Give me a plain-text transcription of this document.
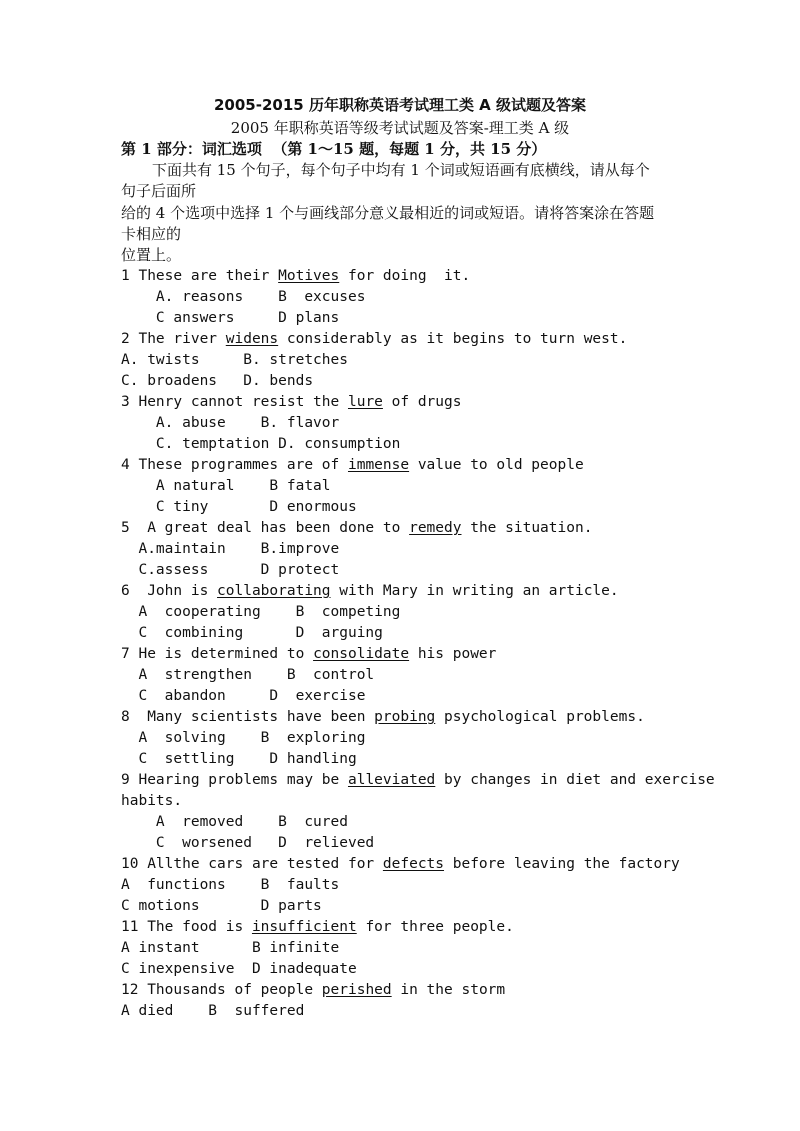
2005-2015 历年职称英语考试理工类 A 级试题及答案
2005 年职称英语等级考试试题及答案-理工类 A 级
第 1 部分：词汇选项  （第 1～15 题，每题 1 分，共 15 分）
下面共有 15 个句子，每个句子中均有 1 个词或短语画有底横线，请从每个
句子后面所
给的 4 个选项中选择 1 个与画线部分意义最相近的词或短语。请将答案涂在答题
卡相应的
位置上。
1 These are their Motives for doing  it.
A. reasons    B  excuses
C answers     D plans
2 The river widens considerably as it begins to turn west.
A. twists     B. stretches
C. broadens   D. bends
3 Henry cannot resist the lure of drugs
A. abuse    B. flavor
C. temptation D. consumption
4 These programmes are of immense value to old people
A natural    B fatal
C tiny       D enormous
5  A great deal has been done to remedy the situation.
A.maintain    B.improve
C.assess      D protect
6  John is collaborating with Mary in writing an article.
A  cooperating    B  competing
C  combining      D  arguing
7 He is determined to consolidate his power
A  strengthen    B  control
C  abandon     D  exercise
8  Many scientists have been probing psychological problems.
A  solving    B  exploring
C  settling    D handling
9 Hearing problems may be alleviated by changes in diet and exercise
habits.
A  removed    B  cured
C  worsened   D  relieved
10 Allthe cars are tested for defects before leaving the factory
A  functions    B  faults
C motions       D parts
11 The food is insufficient for three people.
A instant      B infinite
C inexpensive  D inadequate
12 Thousands of people perished in the storm
A died    B  suffered
